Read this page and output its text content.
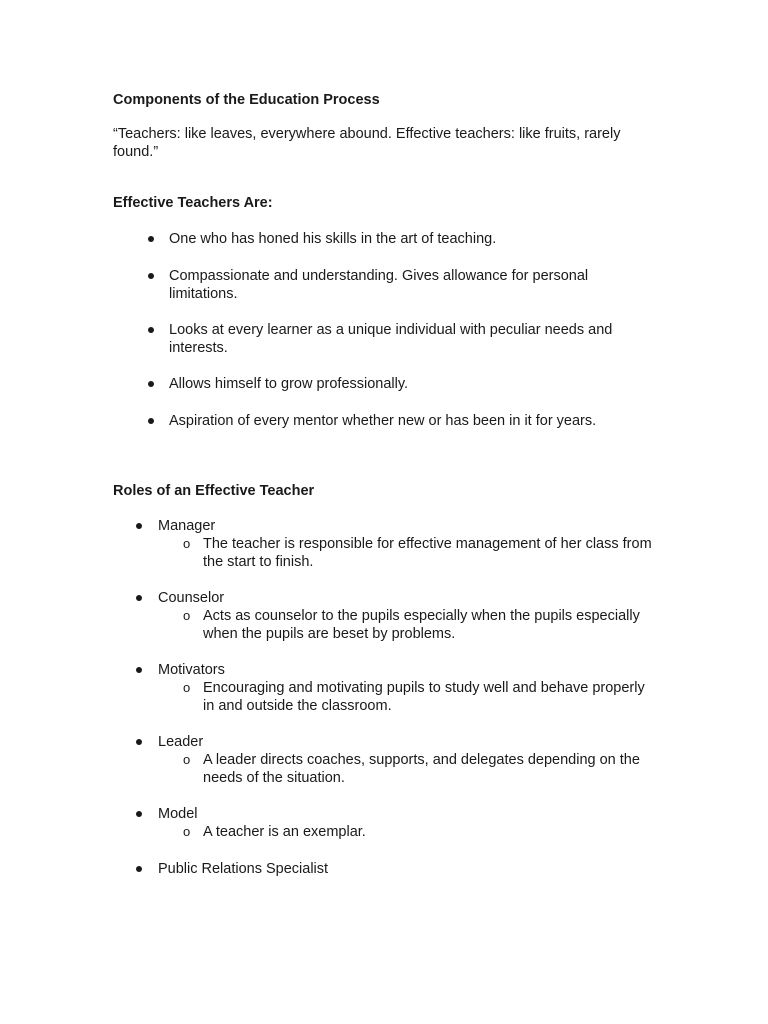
Components of the Education Process

“Teachers: like leaves, everywhere abound. Effective teachers: like fruits, rarely found.”

Effective Teachers Are:

One who has honed his skills in the art of teaching.
Compassionate and understanding. Gives allowance for personal limitations.
Looks at every learner as a unique individual with peculiar needs and interests.
Allows himself to grow professionally.
Aspiration of every mentor whether new or has been in it for years.

Roles of an Effective Teacher

Manager
o The teacher is responsible for effective management of her class from the start to finish.
Counselor
o Acts as counselor to the pupils especially when the pupils especially when the pupils are beset by problems.
Motivators
o Encouraging and motivating pupils to study well and behave properly in and outside the classroom.
Leader
o A leader directs coaches, supports, and delegates depending on the needs of the situation.
Model
o A teacher is an exemplar.
Public Relations Specialist
